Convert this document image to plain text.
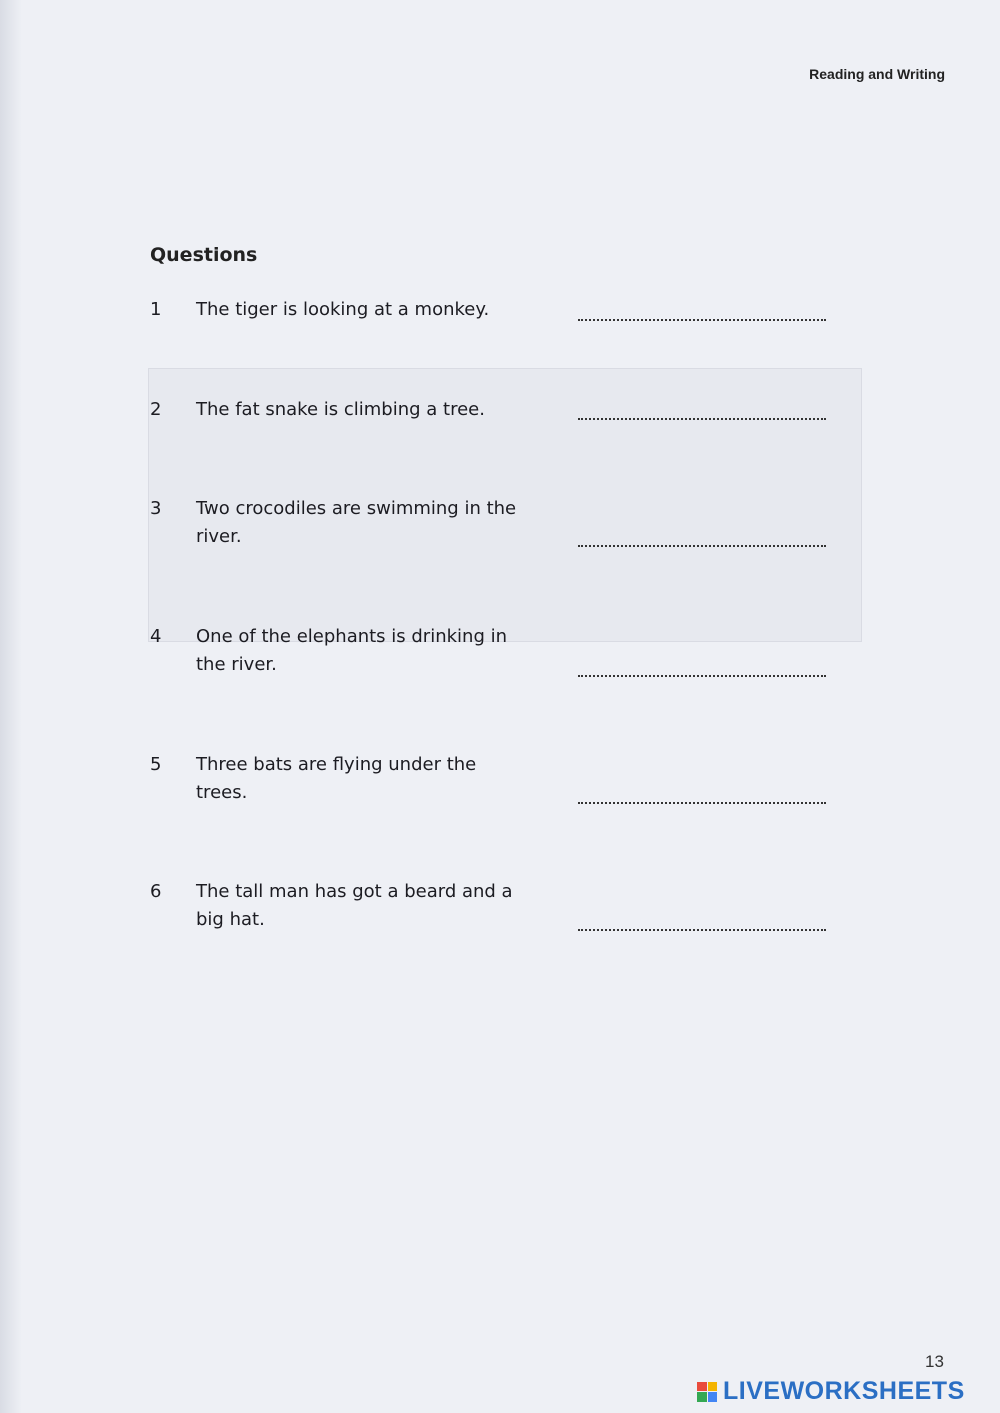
Reading and Writing
Questions
1 The tiger is looking at a monkey.
2 The fat snake is climbing a tree.
3 Two crocodiles are swimming in the river.
4 One of the elephants is drinking in the river.
5 Three bats are flying under the trees.
6 The tall man has got a beard and a big hat.
13
LIVEWORKSHEETS
